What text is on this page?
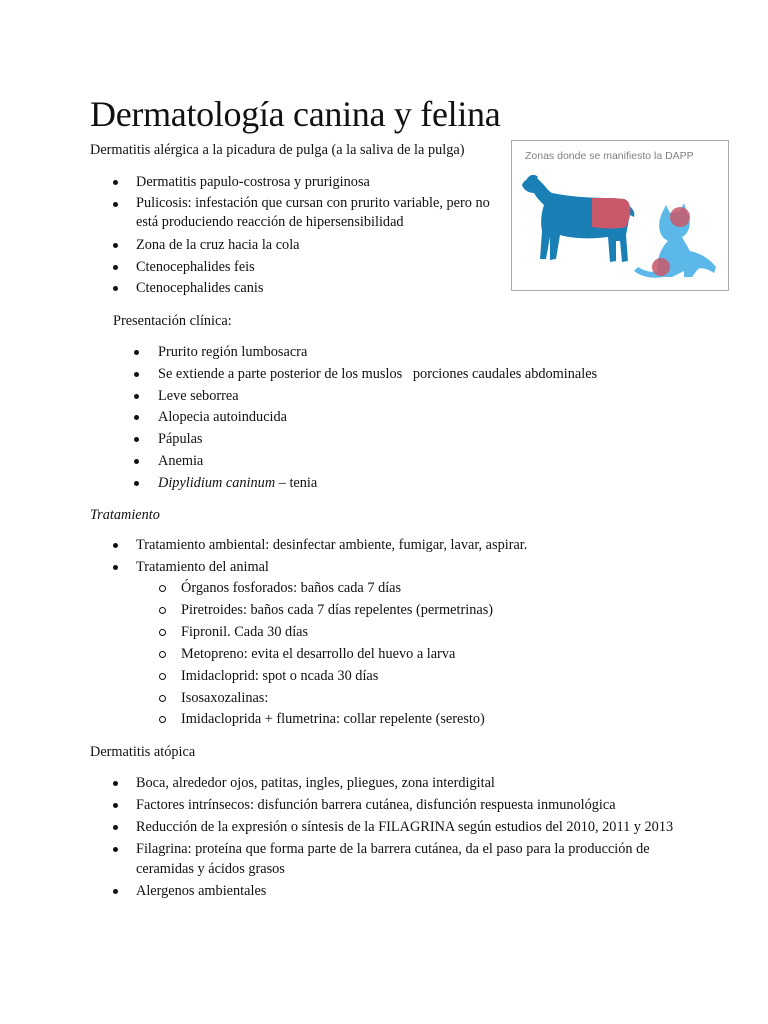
Dermatología canina y felina
Dermatitis alérgica a la picadura de pulga (a la saliva de la pulga)
Dermatitis papulo-costrosa y pruriginosa
Pulicosis: infestación que cursan con prurito variable, pero no está produciendo reacción de hipersensibilidad
Zona de la cruz hacia la cola
Ctenocephalides feis
Ctenocephalides canis
Zonas donde se manifiesto la DAPP
Presentación clínica:
Prurito región lumbosacra
Se extiende a parte posterior de los muslos   porciones caudales abdominales
Leve seborrea
Alopecia autoinducida
Pápulas
Anemia
Dipylidium caninum – tenia
Tratamiento
Tratamiento ambiental: desinfectar ambiente, fumigar, lavar, aspirar.
Tratamiento del animal
Órganos fosforados: baños cada 7 días
Piretroides: baños cada 7 días repelentes (permetrinas)
Fipronil. Cada 30 días
Metopreno: evita el desarrollo del huevo a larva
Imidacloprid: spot o ncada 30 días
Isosaxozalinas:
Imidacloprida + flumetrina: collar repelente (seresto)
Dermatitis atópica
Boca, alrededor ojos, patitas, ingles, pliegues, zona interdigital
Factores intrínsecos: disfunción barrera cutánea, disfunción respuesta inmunológica
Reducción de la expresión o síntesis de la FILAGRINA según estudios del 2010, 2011 y 2013
Filagrina: proteína que forma parte de la barrera cutánea, da el paso para la producción de ceramidas y ácidos grasos
Alergenos ambientales
